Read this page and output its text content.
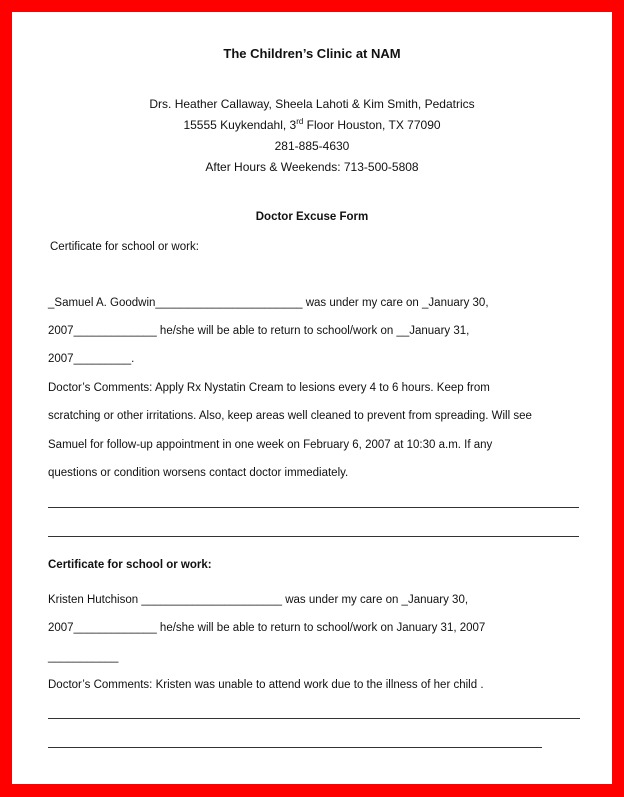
The Children’s Clinic at NAM
Drs. Heather Callaway, Sheela Lahoti & Kim Smith, Pedatrics
15555 Kuykendahl, 3rd Floor Houston, TX 77090
281-885-4630
After Hours & Weekends: 713-500-5808
Doctor Excuse Form
Certificate for school or work:
_Samuel A. Goodwin_______________________ was under my care on _January 30,
2007_____________ he/she will be able to return to school/work on __January 31,
2007_________.
Doctor’s Comments: Apply Rx Nystatin Cream to lesions every 4 to 6 hours. Keep from
scratching or other irritations. Also, keep areas well cleaned to prevent from spreading. Will see
Samuel for follow-up appointment in one week on February 6, 2007 at 10:30 a.m. If any
questions or condition worsens contact doctor immediately.
Certificate for school or work:
Kristen Hutchison ______________________ was under my care on _January 30,
2007_____________ he/she will be able to return to school/work on January 31, 2007
___________
Doctor’s Comments: Kristen was unable to attend work due to the illness of her child .
